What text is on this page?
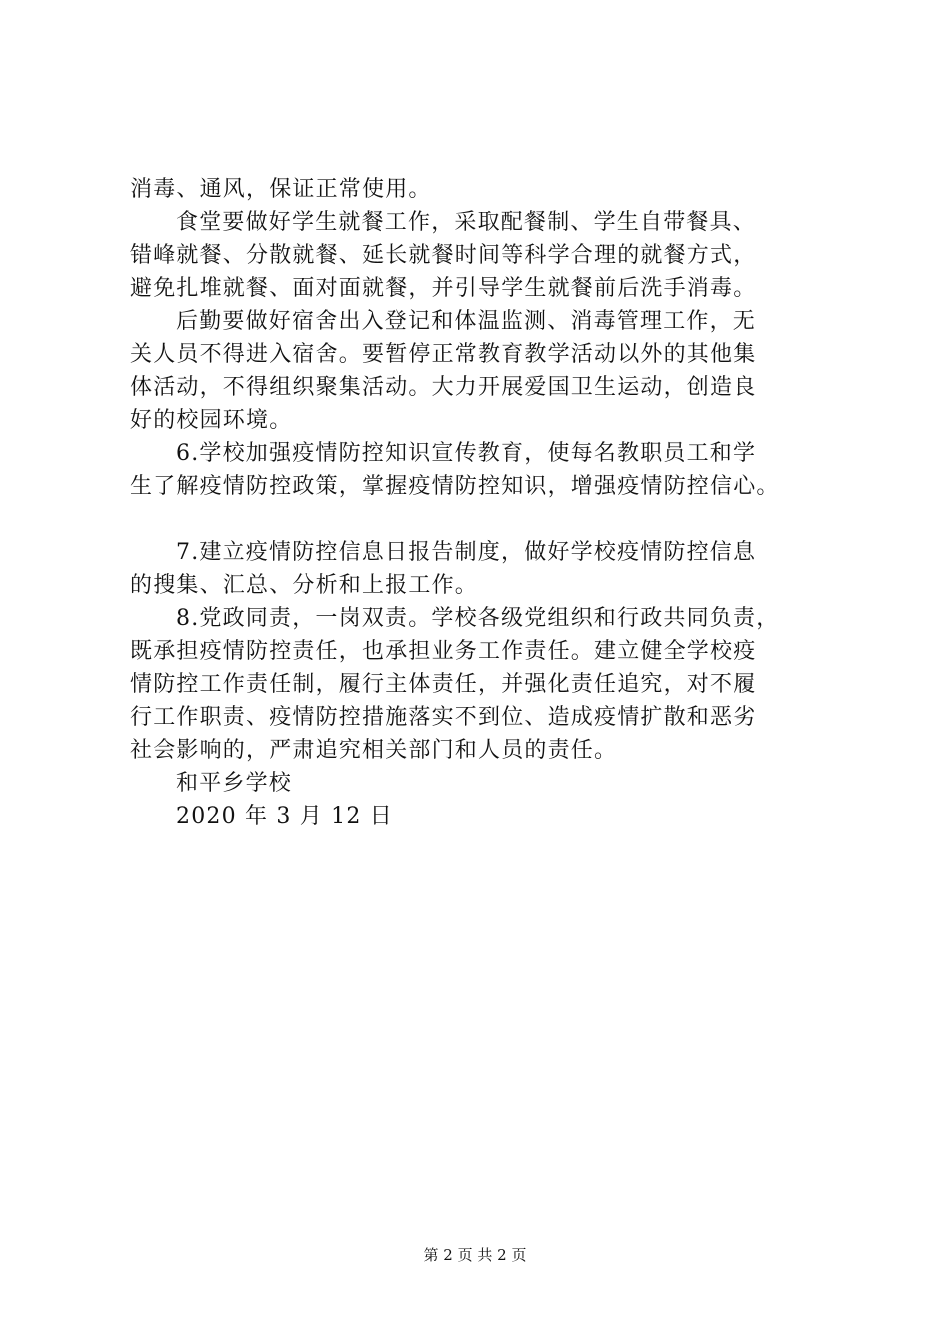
消毒、通风，保证正常使用。
食堂要做好学生就餐工作，采取配餐制、学生自带餐具、
错峰就餐、分散就餐、延长就餐时间等科学合理的就餐方式，
避免扎堆就餐、面对面就餐，并引导学生就餐前后洗手消毒。
后勤要做好宿舍出入登记和体温监测、消毒管理工作，无
关人员不得进入宿舍。要暂停正常教育教学活动以外的其他集
体活动，不得组织聚集活动。大力开展爱国卫生运动，创造良
好的校园环境。
6.学校加强疫情防控知识宣传教育，使每名教职员工和学
生了解疫情防控政策，掌握疫情防控知识，增强疫情防控信心。
7.建立疫情防控信息日报告制度，做好学校疫情防控信息
的搜集、汇总、分析和上报工作。
8.党政同责，一岗双责。学校各级党组织和行政共同负责，
既承担疫情防控责任，也承担业务工作责任。建立健全学校疫
情防控工作责任制，履行主体责任，并强化责任追究，对不履
行工作职责、疫情防控措施落实不到位、造成疫情扩散和恶劣
社会影响的，严肃追究相关部门和人员的责任。
和平乡学校
2020 年 3 月 12 日
第 2 页 共 2 页
